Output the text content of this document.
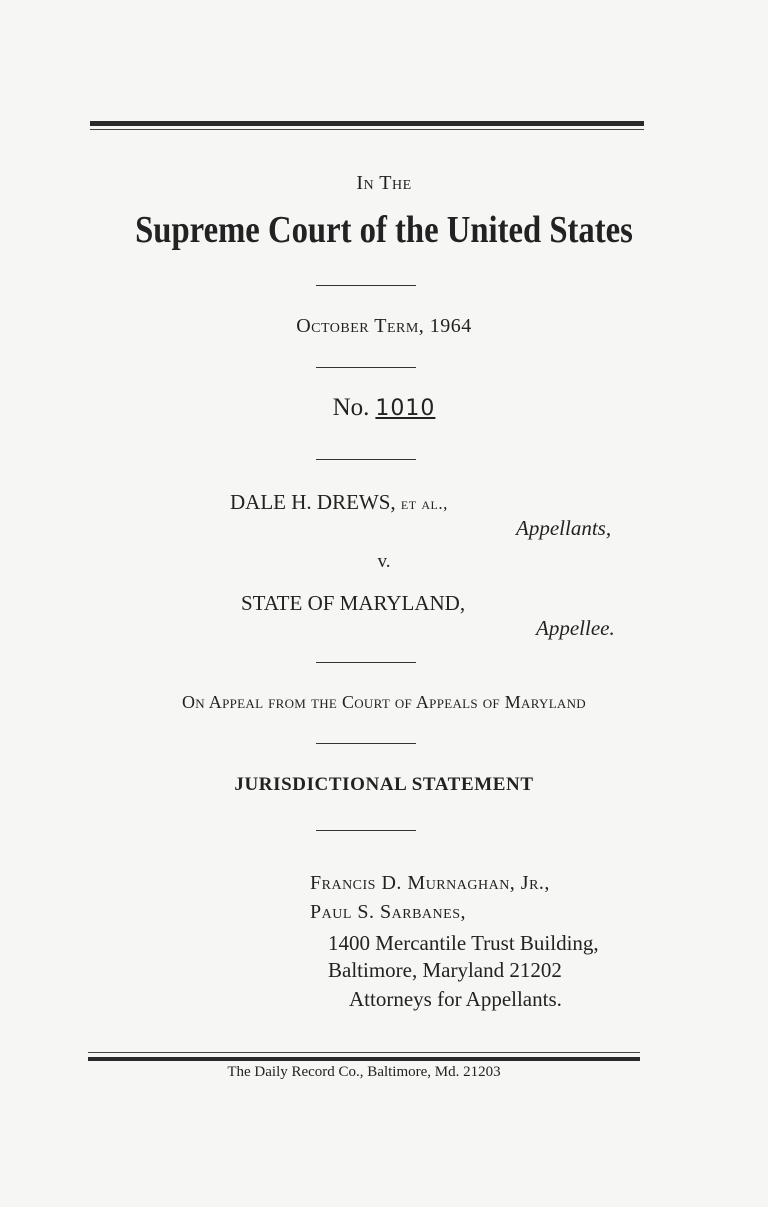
In The
Supreme Court of the United States
October Term, 1964
No. 1010
DALE H. DREWS, et al.,
Appellants,
v.
STATE OF MARYLAND,
Appellee.
On Appeal from the Court of Appeals of Maryland
JURISDICTIONAL STATEMENT
Francis D. Murnaghan, Jr.,
Paul S. Sarbanes,
1400 Mercantile Trust Building,
Baltimore, Maryland 21202
Attorneys for Appellants.
The Daily Record Co., Baltimore, Md. 21203
